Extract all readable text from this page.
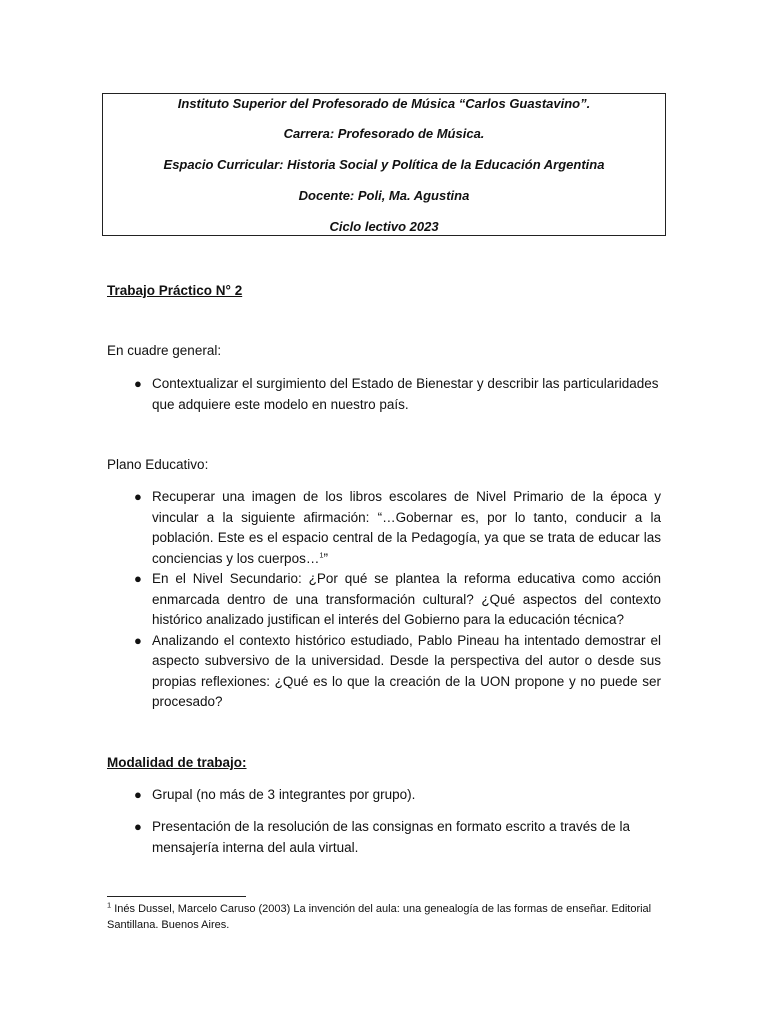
Instituto Superior del Profesorado de Música “Carlos Guastavino”.
Carrera: Profesorado de Música.
Espacio Curricular: Historia Social y Política de la Educación Argentina
Docente: Poli, Ma. Agustina
Ciclo lectivo 2023
Trabajo Práctico N° 2
En cuadre general:
● Contextualizar el surgimiento del Estado de Bienestar y describir las particularidades que adquiere este modelo en nuestro país.
Plano Educativo:
● Recuperar una imagen de los libros escolares de Nivel Primario de la época y vincular a la siguiente afirmación: “…Gobernar es, por lo tanto, conducir a la población. Este es el espacio central de la Pedagogía, ya que se trata de educar las conciencias y los cuerpos…$^1$”
● En el Nivel Secundario: ¿Por qué se plantea la reforma educativa como acción enmarcada dentro de una transformación cultural? ¿Qué aspectos del contexto histórico analizado justifican el interés del Gobierno para la educación técnica?
● Analizando el contexto histórico estudiado, Pablo Pineau ha intentado demostrar el aspecto subversivo de la universidad. Desde la perspectiva del autor o desde sus propias reflexiones: ¿Qué es lo que la creación de la UON propone y no puede ser procesado?
Modalidad de trabajo:
● Grupal (no más de 3 integrantes por grupo).
● Presentación de la resolución de las consignas en formato escrito a través de la mensajería interna del aula virtual.
$^1$ Inés Dussel, Marcelo Caruso (2003) La invención del aula: una genealogía de las formas de enseñar. Editorial Santillana. Buenos Aires.
